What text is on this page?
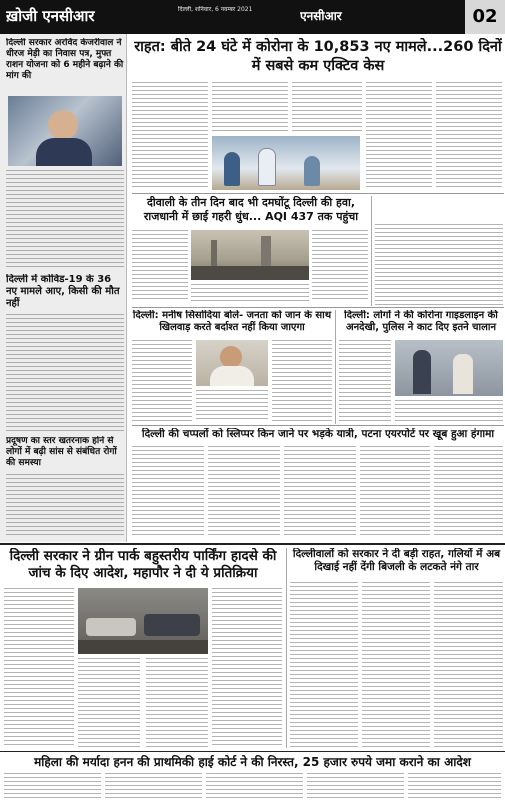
ख़ोजी एनसीआर	दिल्ली, शनिवार, 6 नवम्बर 2021	एनसीआर	02
दिल्ली सरकार अरविंद केजरीवाल ने धीरज मेड़ी का निवास पत्र, मुफ्त राशन योजना को 6 महीने बढ़ाने की मांग की
दिल्ली में कोविड-19 के 36 नए मामले आए, किसी की मौत नहीं
प्रदूषण का स्तर खतरनाक होने से लोगों में बढ़ी सांस से संबंधित रोगों की समस्या
राहत: बीते 24 घंटे में कोरोना के 10,853 नए मामले...260 दिनों में सबसे कम एक्टिव केस
दीवाली के तीन दिन बाद भी दमघोंटू दिल्ली की हवा, राजधानी में छाई गहरी धुंध... AQI 437 तक पहुंचा
दिल्ली: मनीष सिसोदिया बोले- जनता को जान के साथ खिलवाड़ करते बर्दाश्त नहीं किया जाएगा
दिल्ली: लोगों ने की कोरोना गाइडलाइन की अनदेखी, पुलिस ने काट दिए इतने चालान
दिल्ली की चप्पलों को स्लिप्पर किन जाने पर भड़के यात्री, पटना एयरपोर्ट पर खूब हुआ हंगामा
दिल्ली सरकार ने ग्रीन पार्क बहुस्तरीय पार्किंग हादसे की जांच के दिए आदेश, महापौर ने दी ये प्रतिक्रिया
दिल्लीवालों को सरकार ने दी बड़ी राहत, गलियों में अब दिखाई नहीं देंगी बिजली के लटकते नंगे तार
महिला की मर्यादा हनन की प्राथमिकी हाई कोर्ट ने की निरस्त, 25 हजार रुपये जमा कराने का आदेश
